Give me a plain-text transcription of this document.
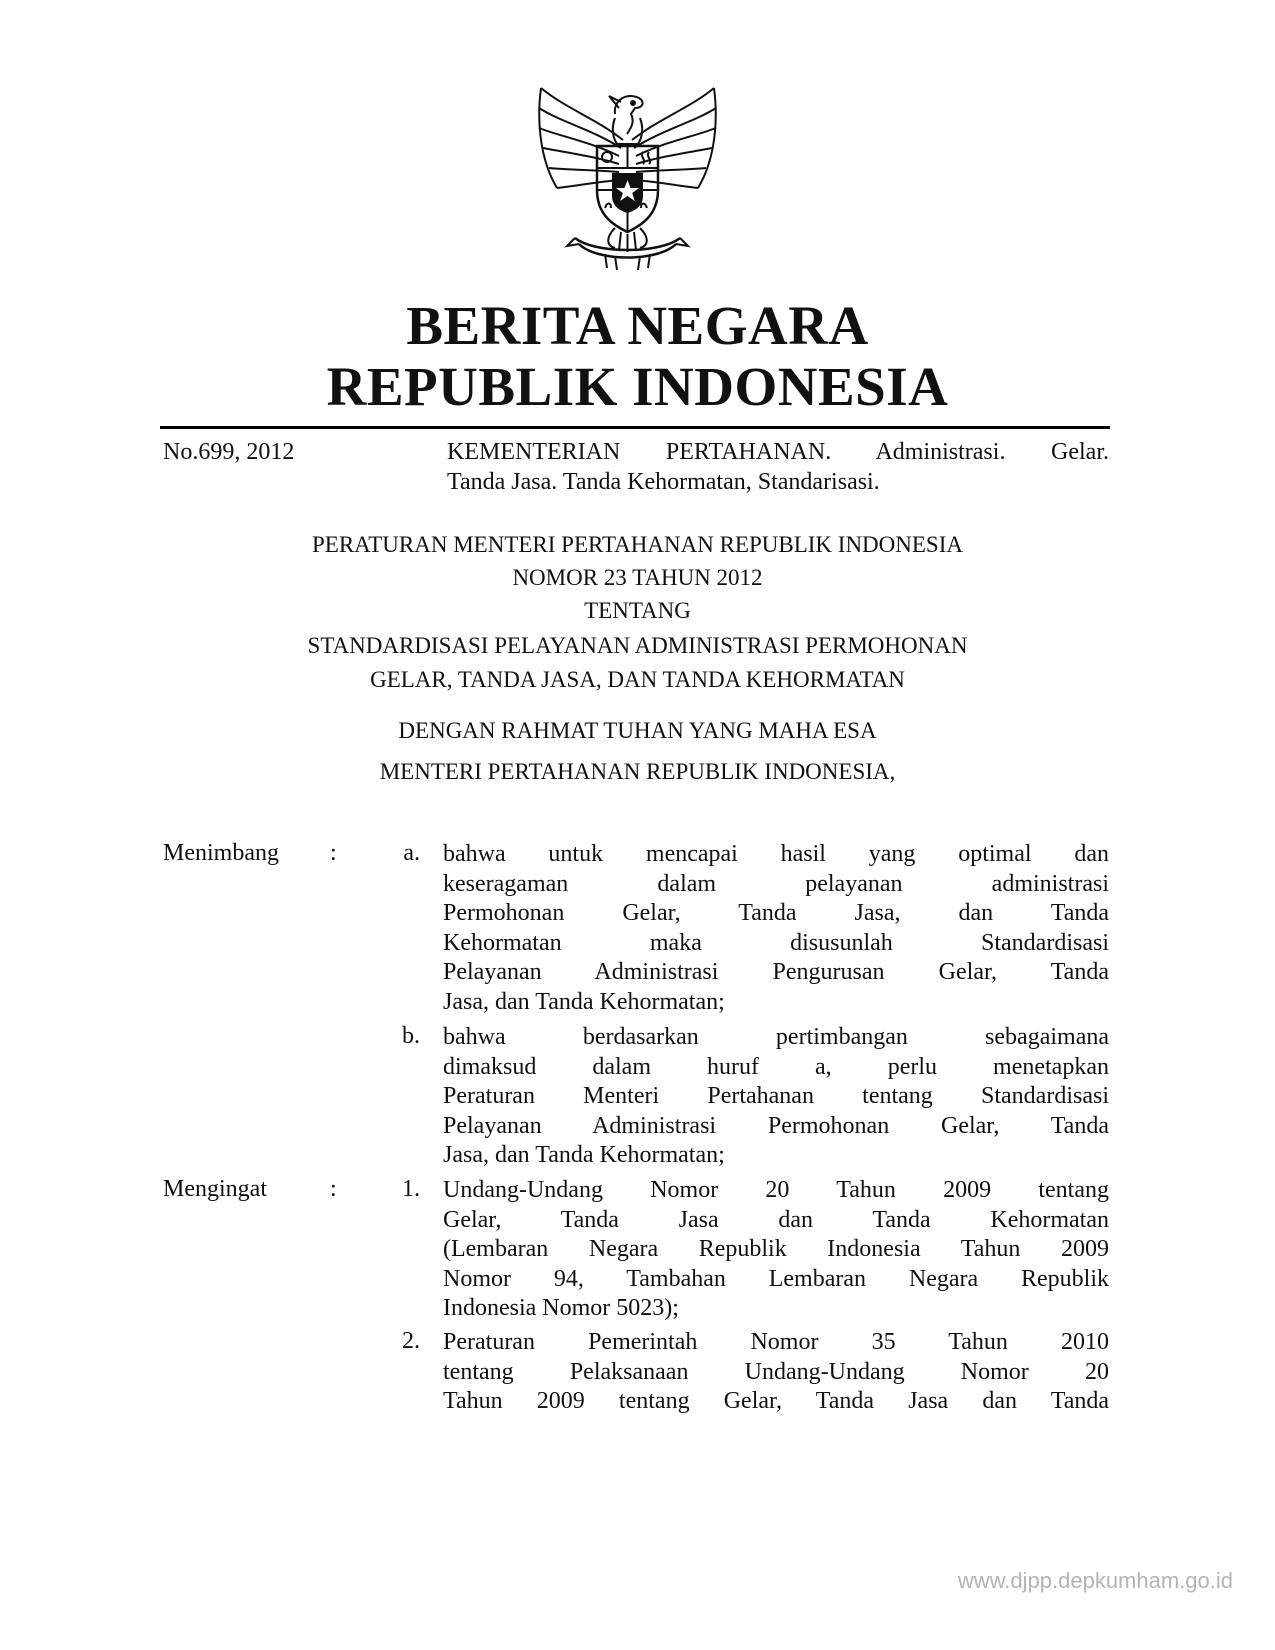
BERITA NEGARA
REPUBLIK INDONESIA
No.699, 2012	KEMENTERIAN PERTAHANAN. Administrasi. Gelar.
Tanda Jasa. Tanda Kehormatan, Standarisasi.
PERATURAN MENTERI PERTAHANAN REPUBLIK INDONESIA
NOMOR 23 TAHUN 2012
TENTANG
STANDARDISASI PELAYANAN ADMINISTRASI PERMOHONAN
GELAR, TANDA JASA, DAN TANDA KEHORMATAN
DENGAN RAHMAT TUHAN YANG MAHA ESA
MENTERI PERTAHANAN REPUBLIK INDONESIA,
Menimbang :	a. bahwa untuk mencapai hasil yang optimal dan
keseragaman dalam pelayanan administrasi
Permohonan Gelar, Tanda Jasa, dan Tanda
Kehormatan maka disusunlah Standardisasi
Pelayanan Administrasi Pengurusan Gelar, Tanda
Jasa, dan Tanda Kehormatan;
b. bahwa berdasarkan pertimbangan sebagaimana
dimaksud dalam huruf a, perlu menetapkan
Peraturan Menteri Pertahanan tentang Standardisasi
Pelayanan Administrasi Permohonan Gelar, Tanda
Jasa, dan Tanda Kehormatan;
Mengingat	:	1. Undang-Undang Nomor 20 Tahun 2009 tentang
Gelar, Tanda Jasa dan Tanda Kehormatan
(Lembaran Negara Republik Indonesia Tahun 2009
Nomor 94, Tambahan Lembaran Negara Republik
Indonesia Nomor 5023);
2. Peraturan Pemerintah Nomor 35 Tahun 2010
tentang Pelaksanaan Undang-Undang Nomor 20
Tahun 2009 tentang Gelar, Tanda Jasa dan Tanda
www.djpp.depkumham.go.id
